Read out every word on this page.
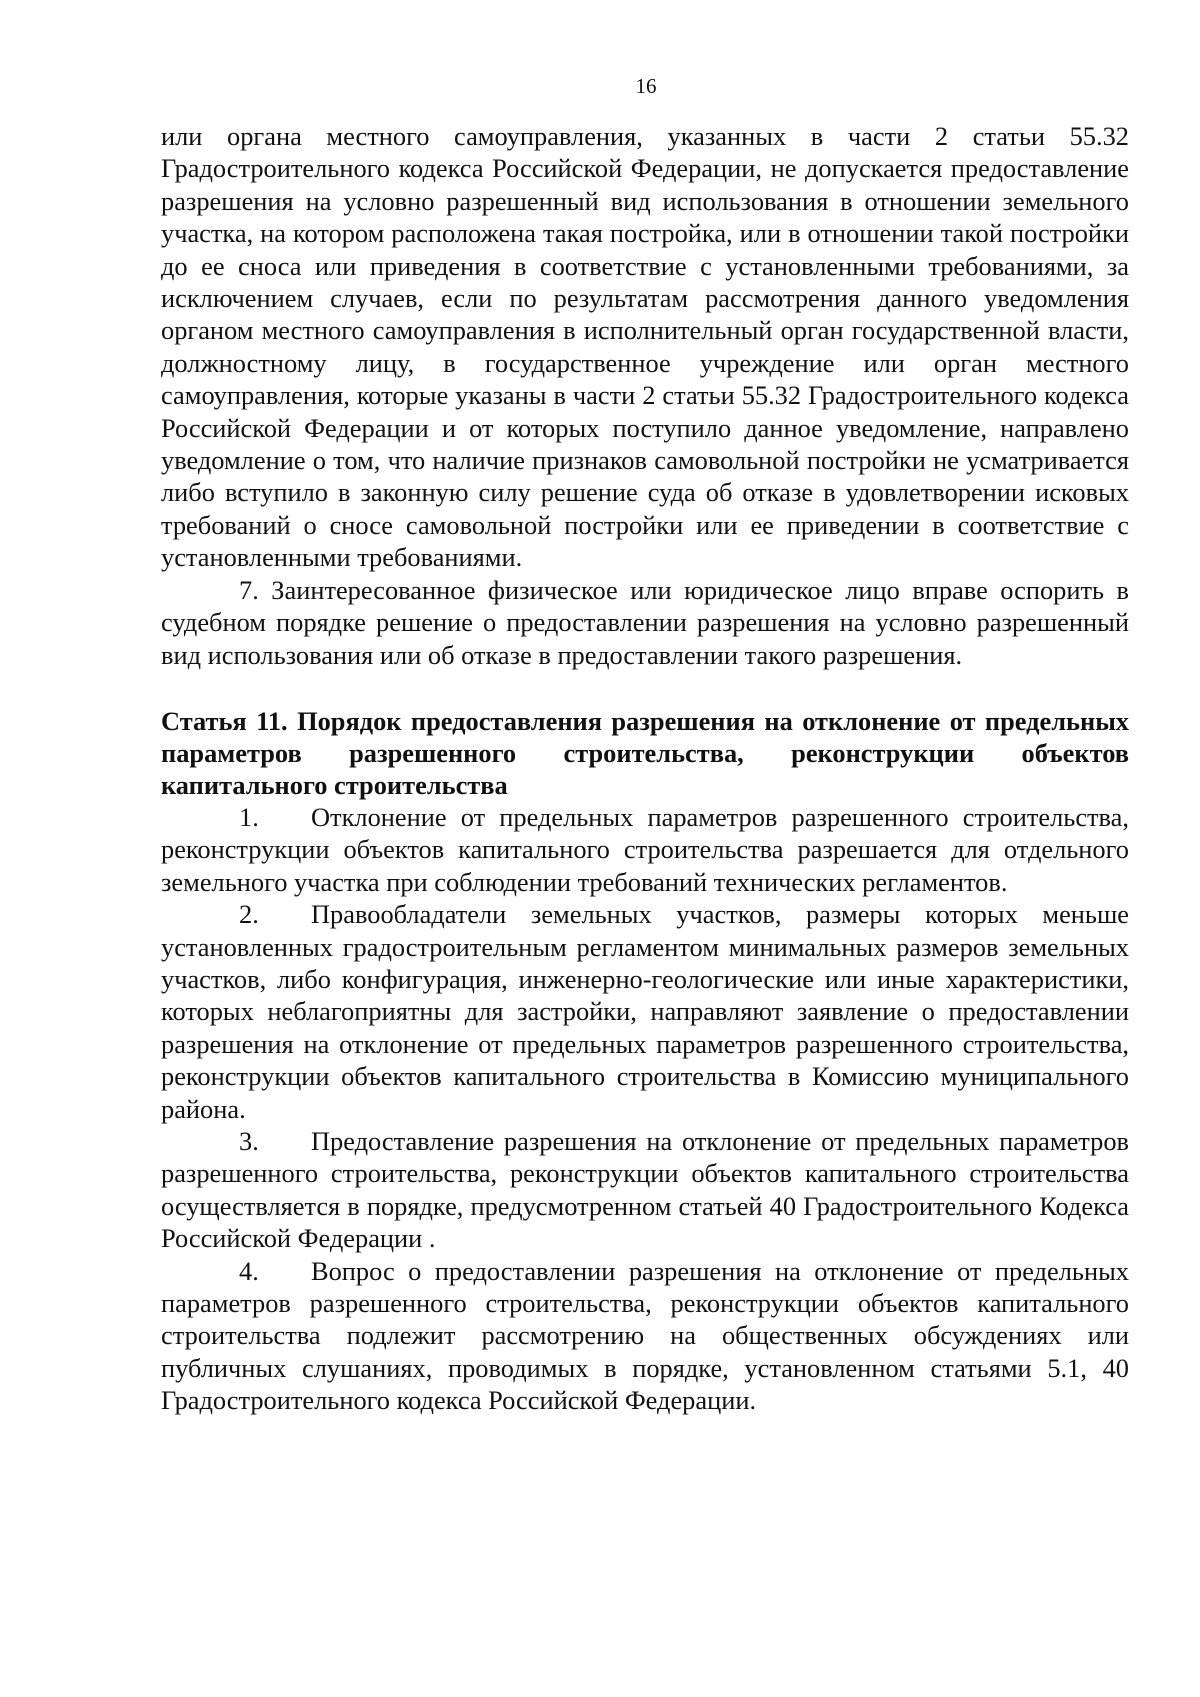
16

или органа местного самоуправления, указанных в части 2 статьи 55.32 Градостроительного кодекса Российской Федерации, не допускается предоставление разрешения на условно разрешенный вид использования в отношении земельного участка, на котором расположена такая постройка, или в отношении такой постройки до ее сноса или приведения в соответствие с установленными требованиями, за исключением случаев, если по результатам рассмотрения данного уведомления органом местного самоуправления в исполнительный орган государственной власти, должностному лицу, в государственное учреждение или орган местного самоуправления, которые указаны в части 2 статьи 55.32 Градостроительного кодекса Российской Федерации и от которых поступило данное уведомление, направлено уведомление о том, что наличие признаков самовольной постройки не усматривается либо вступило в законную силу решение суда об отказе в удовлетворении исковых требований о сносе самовольной постройки или ее приведении в соответствие с установленными требованиями.

7. Заинтересованное физическое или юридическое лицо вправе оспорить в судебном порядке решение о предоставлении разрешения на условно разрешенный вид использования или об отказе в предоставлении такого разрешения.

Статья 11. Порядок предоставления разрешения на отклонение от предельных параметров разрешенного строительства, реконструкции объектов капитального строительства

1. Отклонение от предельных параметров разрешенного строительства, реконструкции объектов капитального строительства разрешается для отдельного земельного участка при соблюдении требований технических регламентов.

2. Правообладатели земельных участков, размеры которых меньше установленных градостроительным регламентом минимальных размеров земельных участков, либо конфигурация, инженерно-геологические или иные характеристики, которых неблагоприятны для застройки, направляют заявление о предоставлении разрешения на отклонение от предельных параметров разрешенного строительства, реконструкции объектов капитального строительства в Комиссию муниципального района.

3. Предоставление разрешения на отклонение от предельных параметров разрешенного строительства, реконструкции объектов капитального строительства осуществляется в порядке, предусмотренном статьей 40 Градостроительного Кодекса Российской Федерации .

4. Вопрос о предоставлении разрешения на отклонение от предельных параметров разрешенного строительства, реконструкции объектов капитального строительства подлежит рассмотрению на общественных обсуждениях или публичных слушаниях, проводимых в порядке, установленном статьями 5.1, 40 Градостроительного кодекса Российской Федерации.
